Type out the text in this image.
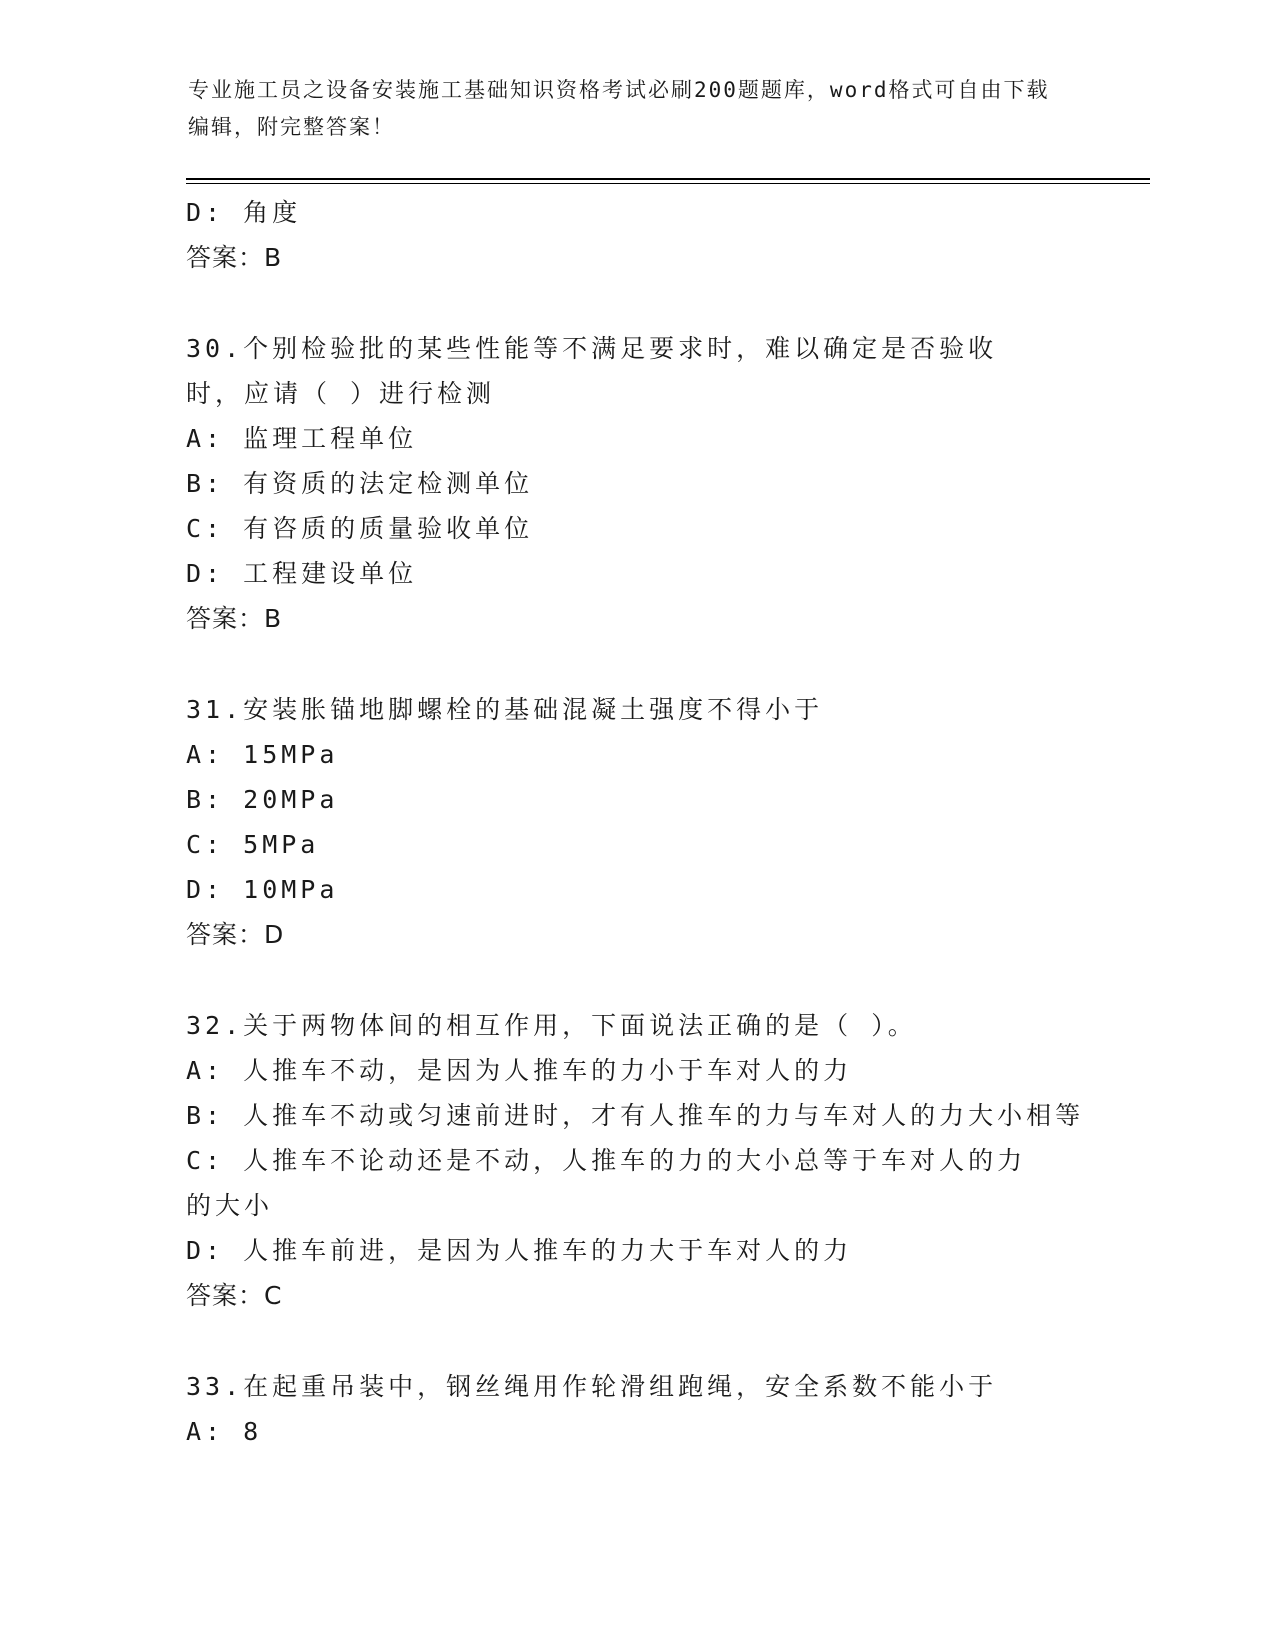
专业施工员之设备安装施工基础知识资格考试必刷200题题库，word格式可自由下载编辑，附完整答案！
D: 角度
答案：B
30.个别检验批的某些性能等不满足要求时，难以确定是否验收时，应请（ ）进行检测
A: 监理工程单位
B: 有资质的法定检测单位
C: 有咨质的质量验收单位
D: 工程建设单位
答案：B
31.安装胀锚地脚螺栓的基础混凝土强度不得小于
A: 15MPa
B: 20MPa
C: 5MPa
D: 10MPa
答案：D
32.关于两物体间的相互作用，下面说法正确的是（ ）。
A: 人推车不动，是因为人推车的力小于车对人的力
B: 人推车不动或匀速前进时，才有人推车的力与车对人的力大小相等
C: 人推车不论动还是不动，人推车的力的大小总等于车对人的力的大小
D: 人推车前进，是因为人推车的力大于车对人的力
答案：C
33.在起重吊装中，钢丝绳用作轮滑组跑绳，安全系数不能小于
A: 8
